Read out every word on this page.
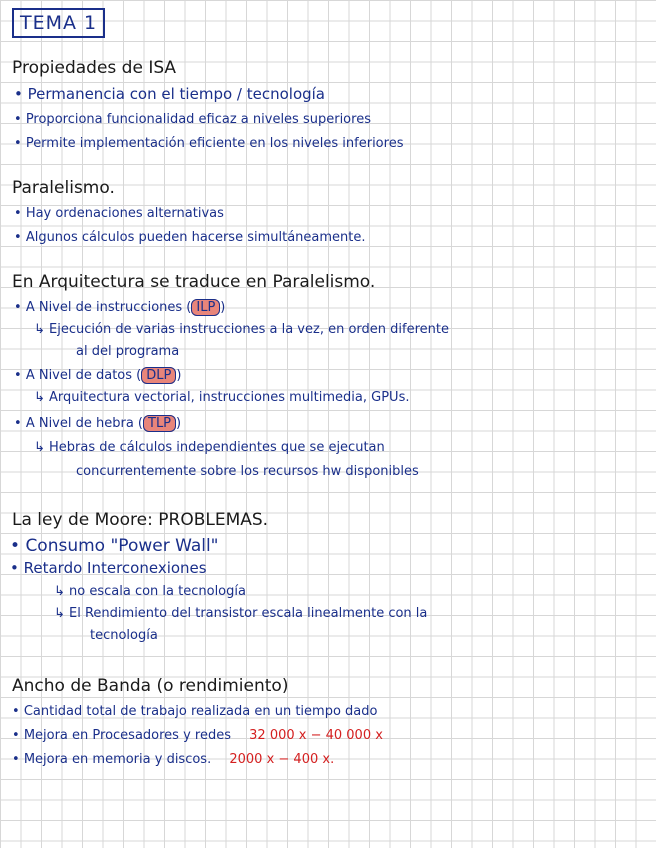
TEMA 1
Propiedades de ISA
• Permanencia con el tiempo / tecnología
• Proporciona funcionalidad eficaz a niveles superiores
• Permite implementación eficiente en los niveles inferiores
Paralelismo.
• Hay ordenaciones alternativas
• Algunos cálculos pueden hacerse simultáneamente.
En Arquitectura se traduce en Paralelismo.
• A Nivel de instrucciones ( ILP )
↳ Ejecución de varias instrucciones a la vez, en orden diferente
al del programa
• A Nivel de datos ( DLP )
↳ Arquitectura vectorial, instrucciones multimedia, GPUs.
• A Nivel de hebra ( TLP )
↳ Hebras de cálculos independientes que se ejecutan
concurrentemente sobre los recursos hw disponibles
La ley de Moore: PROBLEMAS.
• Consumo "Power Wall"
• Retardo Interconexiones
↳ no escala con la tecnología
↳ El Rendimiento del transistor escala linealmente con la
tecnología
Ancho de Banda (o rendimiento)
• Cantidad total de trabajo realizada en un tiempo dado
• Mejora en Procesadores y redes 32 000 x − 40 000 x
• Mejora en memoria y discos. 2000 x − 400 x.
